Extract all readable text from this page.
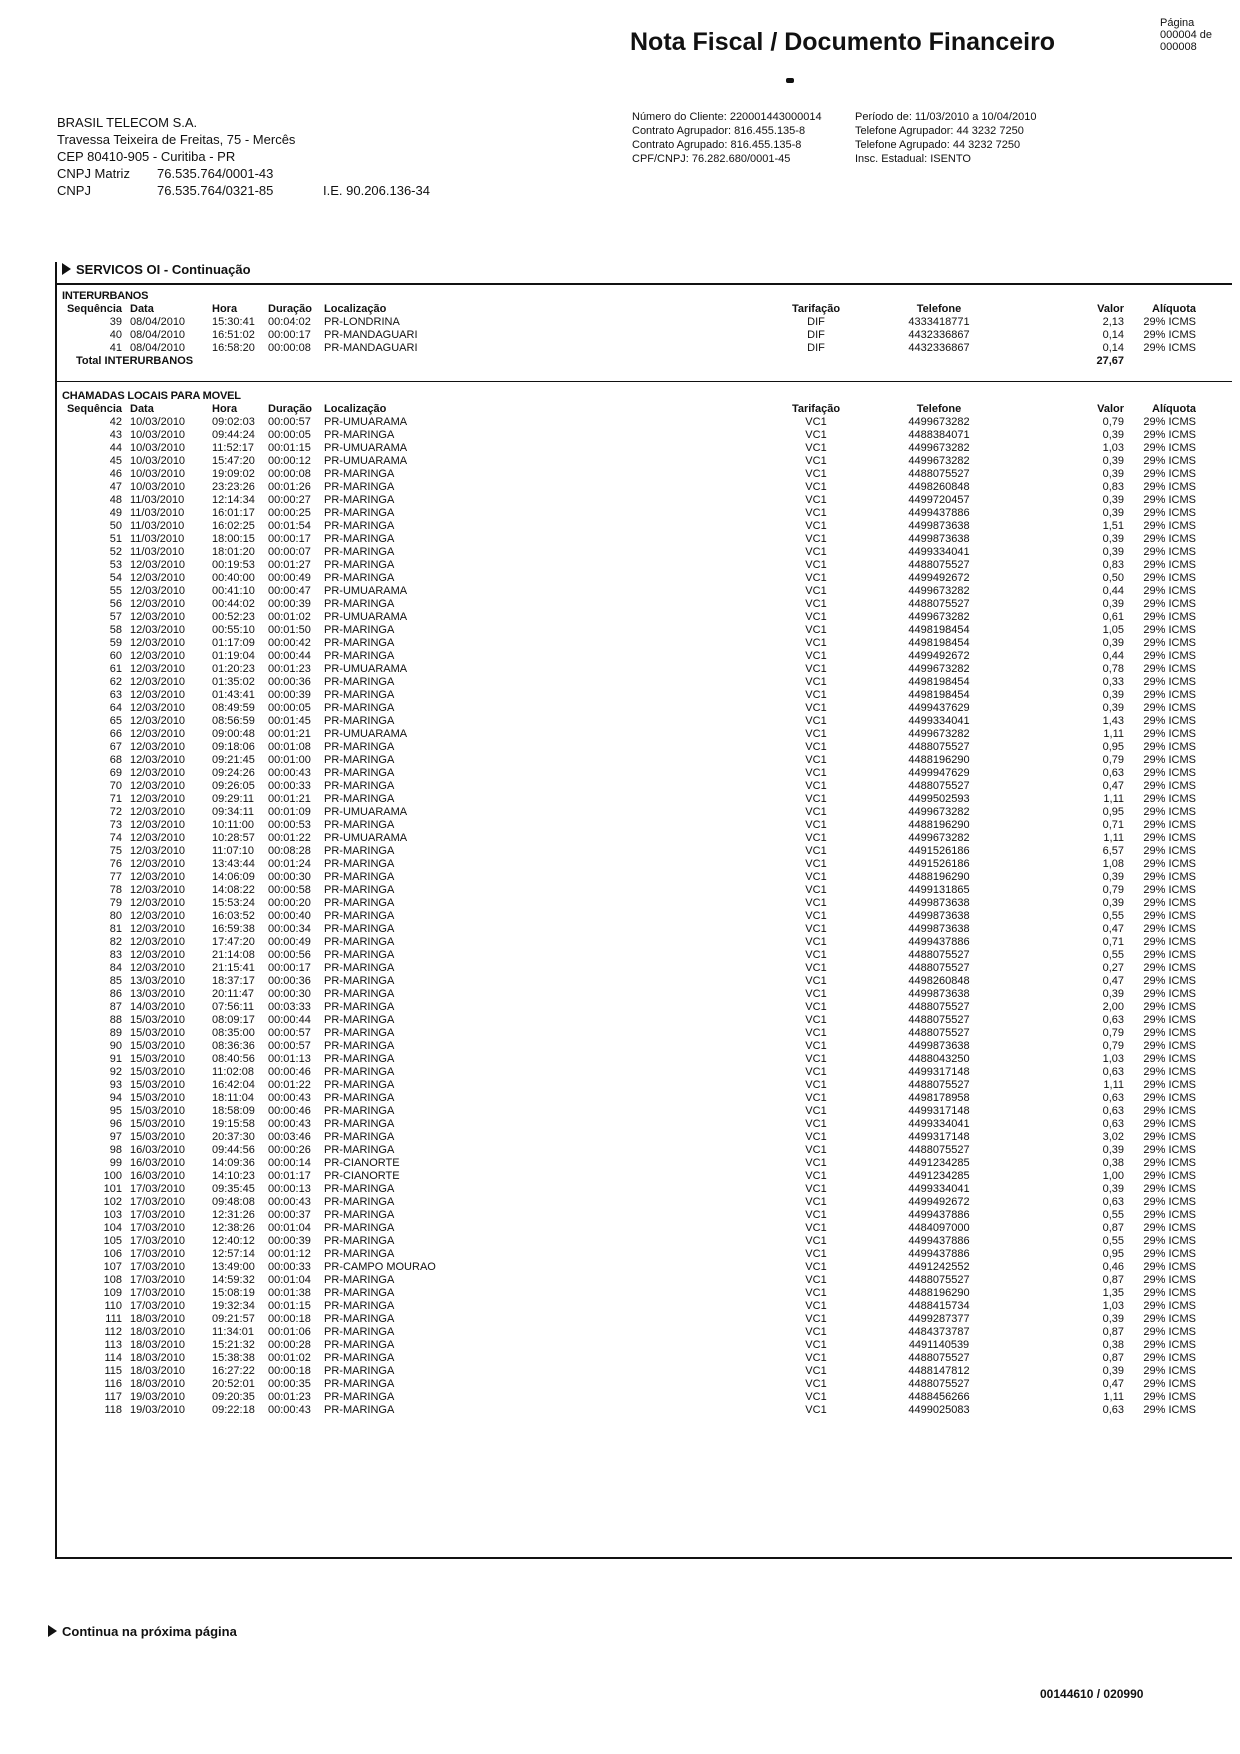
Nota Fiscal / Documento Financeiro
Página
000004 de 000008
BRASIL TELECOM S.A.
Travessa Teixeira de Freitas, 75 - Mercês
CEP 80410-905 - Curitiba - PR
CNPJ Matriz 76.535.764/0001-43
CNPJ	76.535.764/0321-85	I.E. 90.206.136-34
Número do Cliente: 220001443000014
Contrato Agrupador: 816.455.135-8
Contrato Agrupado: 816.455.135-8
CPF/CNPJ: 76.282.680/0001-45
Período de: 11/03/2010 a 10/04/2010
Telefone Agrupador: 44 3232 7250
Telefone Agrupado: 44 3232 7250
Insc. Estadual: ISENTO
SERVICOS OI - Continuação
INTERURBANOS
Sequência	Data	Hora	Duração	Localização	Tarifação	Telefone	Valor	Alíquota
39	08/04/2010	15:30:41	00:04:02	PR-LONDRINA	DIF	4333418771	2,13	29% ICMS
40	08/04/2010	16:51:02	00:00:17	PR-MANDAGUARI	DIF	4432336867	0,14	29% ICMS
41	08/04/2010	16:58:20	00:00:08	PR-MANDAGUARI	DIF	4432336867	0,14	29% ICMS
Total INTERURBANOS							27,67	
CHAMADAS LOCAIS PARA MOVEL
Sequência	Data	Hora	Duração	Localização	Tarifação	Telefone	Valor	Alíquota
42	10/03/2010	09:02:03	00:00:57	PR-UMUARAMA	VC1	4499673282	0,79	29% ICMS
43	10/03/2010	09:44:24	00:00:05	PR-MARINGA	VC1	4488384071	0,39	29% ICMS
44	10/03/2010	11:52:17	00:01:15	PR-UMUARAMA	VC1	4499673282	1,03	29% ICMS
45	10/03/2010	15:47:20	00:00:12	PR-UMUARAMA	VC1	4499673282	0,39	29% ICMS
46	10/03/2010	19:09:02	00:00:08	PR-MARINGA	VC1	4488075527	0,39	29% ICMS
47	10/03/2010	23:23:26	00:01:26	PR-MARINGA	VC1	4498260848	0,83	29% ICMS
48	11/03/2010	12:14:34	00:00:27	PR-MARINGA	VC1	4499720457	0,39	29% ICMS
49	11/03/2010	16:01:17	00:00:25	PR-MARINGA	VC1	4499437886	0,39	29% ICMS
50	11/03/2010	16:02:25	00:01:54	PR-MARINGA	VC1	4499873638	1,51	29% ICMS
51	11/03/2010	18:00:15	00:00:17	PR-MARINGA	VC1	4499873638	0,39	29% ICMS
52	11/03/2010	18:01:20	00:00:07	PR-MARINGA	VC1	4499334041	0,39	29% ICMS
53	12/03/2010	00:19:53	00:01:27	PR-MARINGA	VC1	4488075527	0,83	29% ICMS
54	12/03/2010	00:40:00	00:00:49	PR-MARINGA	VC1	4499492672	0,50	29% ICMS
55	12/03/2010	00:41:10	00:00:47	PR-UMUARAMA	VC1	4499673282	0,44	29% ICMS
56	12/03/2010	00:44:02	00:00:39	PR-MARINGA	VC1	4488075527	0,39	29% ICMS
57	12/03/2010	00:52:23	00:01:02	PR-UMUARAMA	VC1	4499673282	0,61	29% ICMS
58	12/03/2010	00:55:10	00:01:50	PR-MARINGA	VC1	4498198454	1,05	29% ICMS
59	12/03/2010	01:17:09	00:00:42	PR-MARINGA	VC1	4498198454	0,39	29% ICMS
60	12/03/2010	01:19:04	00:00:44	PR-MARINGA	VC1	4499492672	0,44	29% ICMS
61	12/03/2010	01:20:23	00:01:23	PR-UMUARAMA	VC1	4499673282	0,78	29% ICMS
62	12/03/2010	01:35:02	00:00:36	PR-MARINGA	VC1	4498198454	0,33	29% ICMS
63	12/03/2010	01:43:41	00:00:39	PR-MARINGA	VC1	4498198454	0,39	29% ICMS
64	12/03/2010	08:49:59	00:00:05	PR-MARINGA	VC1	4499437629	0,39	29% ICMS
65	12/03/2010	08:56:59	00:01:45	PR-MARINGA	VC1	4499334041	1,43	29% ICMS
66	12/03/2010	09:00:48	00:01:21	PR-UMUARAMA	VC1	4499673282	1,11	29% ICMS
67	12/03/2010	09:18:06	00:01:08	PR-MARINGA	VC1	4488075527	0,95	29% ICMS
68	12/03/2010	09:21:45	00:01:00	PR-MARINGA	VC1	4488196290	0,79	29% ICMS
69	12/03/2010	09:24:26	00:00:43	PR-MARINGA	VC1	4499947629	0,63	29% ICMS
70	12/03/2010	09:26:05	00:00:33	PR-MARINGA	VC1	4488075527	0,47	29% ICMS
71	12/03/2010	09:29:11	00:01:21	PR-MARINGA	VC1	4499502593	1,11	29% ICMS
72	12/03/2010	09:34:11	00:01:09	PR-UMUARAMA	VC1	4499673282	0,95	29% ICMS
73	12/03/2010	10:11:00	00:00:53	PR-MARINGA	VC1	4488196290	0,71	29% ICMS
74	12/03/2010	10:28:57	00:01:22	PR-UMUARAMA	VC1	4499673282	1,11	29% ICMS
75	12/03/2010	11:07:10	00:08:28	PR-MARINGA	VC1	4491526186	6,57	29% ICMS
76	12/03/2010	13:43:44	00:01:24	PR-MARINGA	VC1	4491526186	1,08	29% ICMS
77	12/03/2010	14:06:09	00:00:30	PR-MARINGA	VC1	4488196290	0,39	29% ICMS
78	12/03/2010	14:08:22	00:00:58	PR-MARINGA	VC1	4499131865	0,79	29% ICMS
79	12/03/2010	15:53:24	00:00:20	PR-MARINGA	VC1	4499873638	0,39	29% ICMS
80	12/03/2010	16:03:52	00:00:40	PR-MARINGA	VC1	4499873638	0,55	29% ICMS
81	12/03/2010	16:59:38	00:00:34	PR-MARINGA	VC1	4499873638	0,47	29% ICMS
82	12/03/2010	17:47:20	00:00:49	PR-MARINGA	VC1	4499437886	0,71	29% ICMS
83	12/03/2010	21:14:08	00:00:56	PR-MARINGA	VC1	4488075527	0,55	29% ICMS
84	12/03/2010	21:15:41	00:00:17	PR-MARINGA	VC1	4488075527	0,27	29% ICMS
85	13/03/2010	18:37:17	00:00:36	PR-MARINGA	VC1	4498260848	0,47	29% ICMS
86	13/03/2010	20:11:47	00:00:30	PR-MARINGA	VC1	4499873638	0,39	29% ICMS
87	14/03/2010	07:56:11	00:03:33	PR-MARINGA	VC1	4488075527	2,00	29% ICMS
88	15/03/2010	08:09:17	00:00:44	PR-MARINGA	VC1	4488075527	0,63	29% ICMS
89	15/03/2010	08:35:00	00:00:57	PR-MARINGA	VC1	4488075527	0,79	29% ICMS
90	15/03/2010	08:36:36	00:00:57	PR-MARINGA	VC1	4499873638	0,79	29% ICMS
91	15/03/2010	08:40:56	00:01:13	PR-MARINGA	VC1	4488043250	1,03	29% ICMS
92	15/03/2010	11:02:08	00:00:46	PR-MARINGA	VC1	4499317148	0,63	29% ICMS
93	15/03/2010	16:42:04	00:01:22	PR-MARINGA	VC1	4488075527	1,11	29% ICMS
94	15/03/2010	18:11:04	00:00:43	PR-MARINGA	VC1	4498178958	0,63	29% ICMS
95	15/03/2010	18:58:09	00:00:46	PR-MARINGA	VC1	4499317148	0,63	29% ICMS
96	15/03/2010	19:15:58	00:00:43	PR-MARINGA	VC1	4499334041	0,63	29% ICMS
97	15/03/2010	20:37:30	00:03:46	PR-MARINGA	VC1	4499317148	3,02	29% ICMS
98	16/03/2010	09:44:56	00:00:26	PR-MARINGA	VC1	4488075527	0,39	29% ICMS
99	16/03/2010	14:09:36	00:00:14	PR-CIANORTE	VC1	4491234285	0,38	29% ICMS
100	16/03/2010	14:10:23	00:01:17	PR-CIANORTE	VC1	4491234285	1,00	29% ICMS
101	17/03/2010	09:35:45	00:00:13	PR-MARINGA	VC1	4499334041	0,39	29% ICMS
102	17/03/2010	09:48:08	00:00:43	PR-MARINGA	VC1	4499492672	0,63	29% ICMS
103	17/03/2010	12:31:26	00:00:37	PR-MARINGA	VC1	4499437886	0,55	29% ICMS
104	17/03/2010	12:38:26	00:01:04	PR-MARINGA	VC1	4484097000	0,87	29% ICMS
105	17/03/2010	12:40:12	00:00:39	PR-MARINGA	VC1	4499437886	0,55	29% ICMS
106	17/03/2010	12:57:14	00:01:12	PR-MARINGA	VC1	4499437886	0,95	29% ICMS
107	17/03/2010	13:49:00	00:00:33	PR-CAMPO MOURAO	VC1	4491242552	0,46	29% ICMS
108	17/03/2010	14:59:32	00:01:04	PR-MARINGA	VC1	4488075527	0,87	29% ICMS
109	17/03/2010	15:08:19	00:01:38	PR-MARINGA	VC1	4488196290	1,35	29% ICMS
110	17/03/2010	19:32:34	00:01:15	PR-MARINGA	VC1	4488415734	1,03	29% ICMS
111	18/03/2010	09:21:57	00:00:18	PR-MARINGA	VC1	4499287377	0,39	29% ICMS
112	18/03/2010	11:34:01	00:01:06	PR-MARINGA	VC1	4484373787	0,87	29% ICMS
113	18/03/2010	15:21:32	00:00:28	PR-MARINGA	VC1	4491140539	0,38	29% ICMS
114	18/03/2010	15:38:38	00:01:02	PR-MARINGA	VC1	4488075527	0,87	29% ICMS
115	18/03/2010	16:27:22	00:00:18	PR-MARINGA	VC1	4488147812	0,39	29% ICMS
116	18/03/2010	20:52:01	00:00:35	PR-MARINGA	VC1	4488075527	0,47	29% ICMS
117	19/03/2010	09:20:35	00:01:23	PR-MARINGA	VC1	4488456266	1,11	29% ICMS
118	19/03/2010	09:22:18	00:00:43	PR-MARINGA	VC1	4499025083	0,63	29% ICMS
Continua na próxima página
00144610 / 020990
